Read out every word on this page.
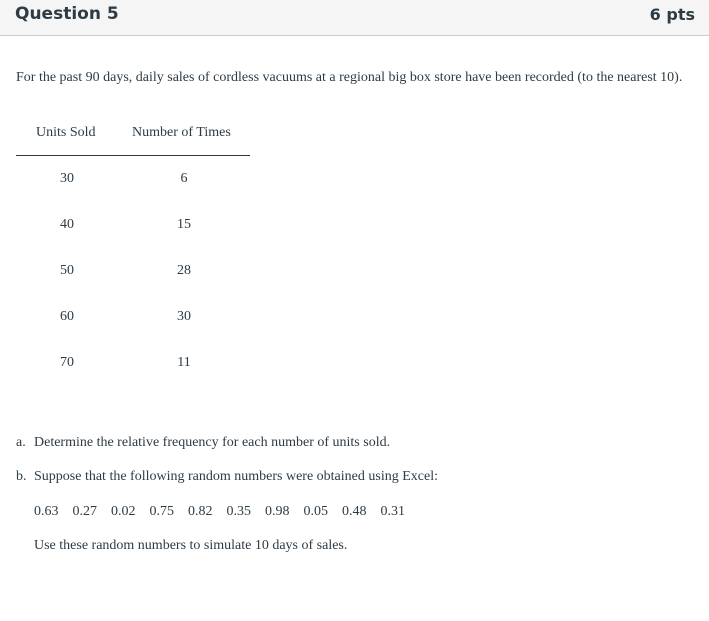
Question 5	6 pts

For the past 90 days, daily sales of cordless vacuums at a regional big box store have been recorded (to the nearest 10).

Units Sold	Number of Times
30	6
40	15
50	28
60	30
70	11
a. Determine the relative frequency for each number of units sold.
b. Suppose that the following random numbers were obtained using Excel:
0.63 0.27 0.02 0.75 0.82 0.35 0.98 0.05 0.48 0.31
Use these random numbers to simulate 10 days of sales.
